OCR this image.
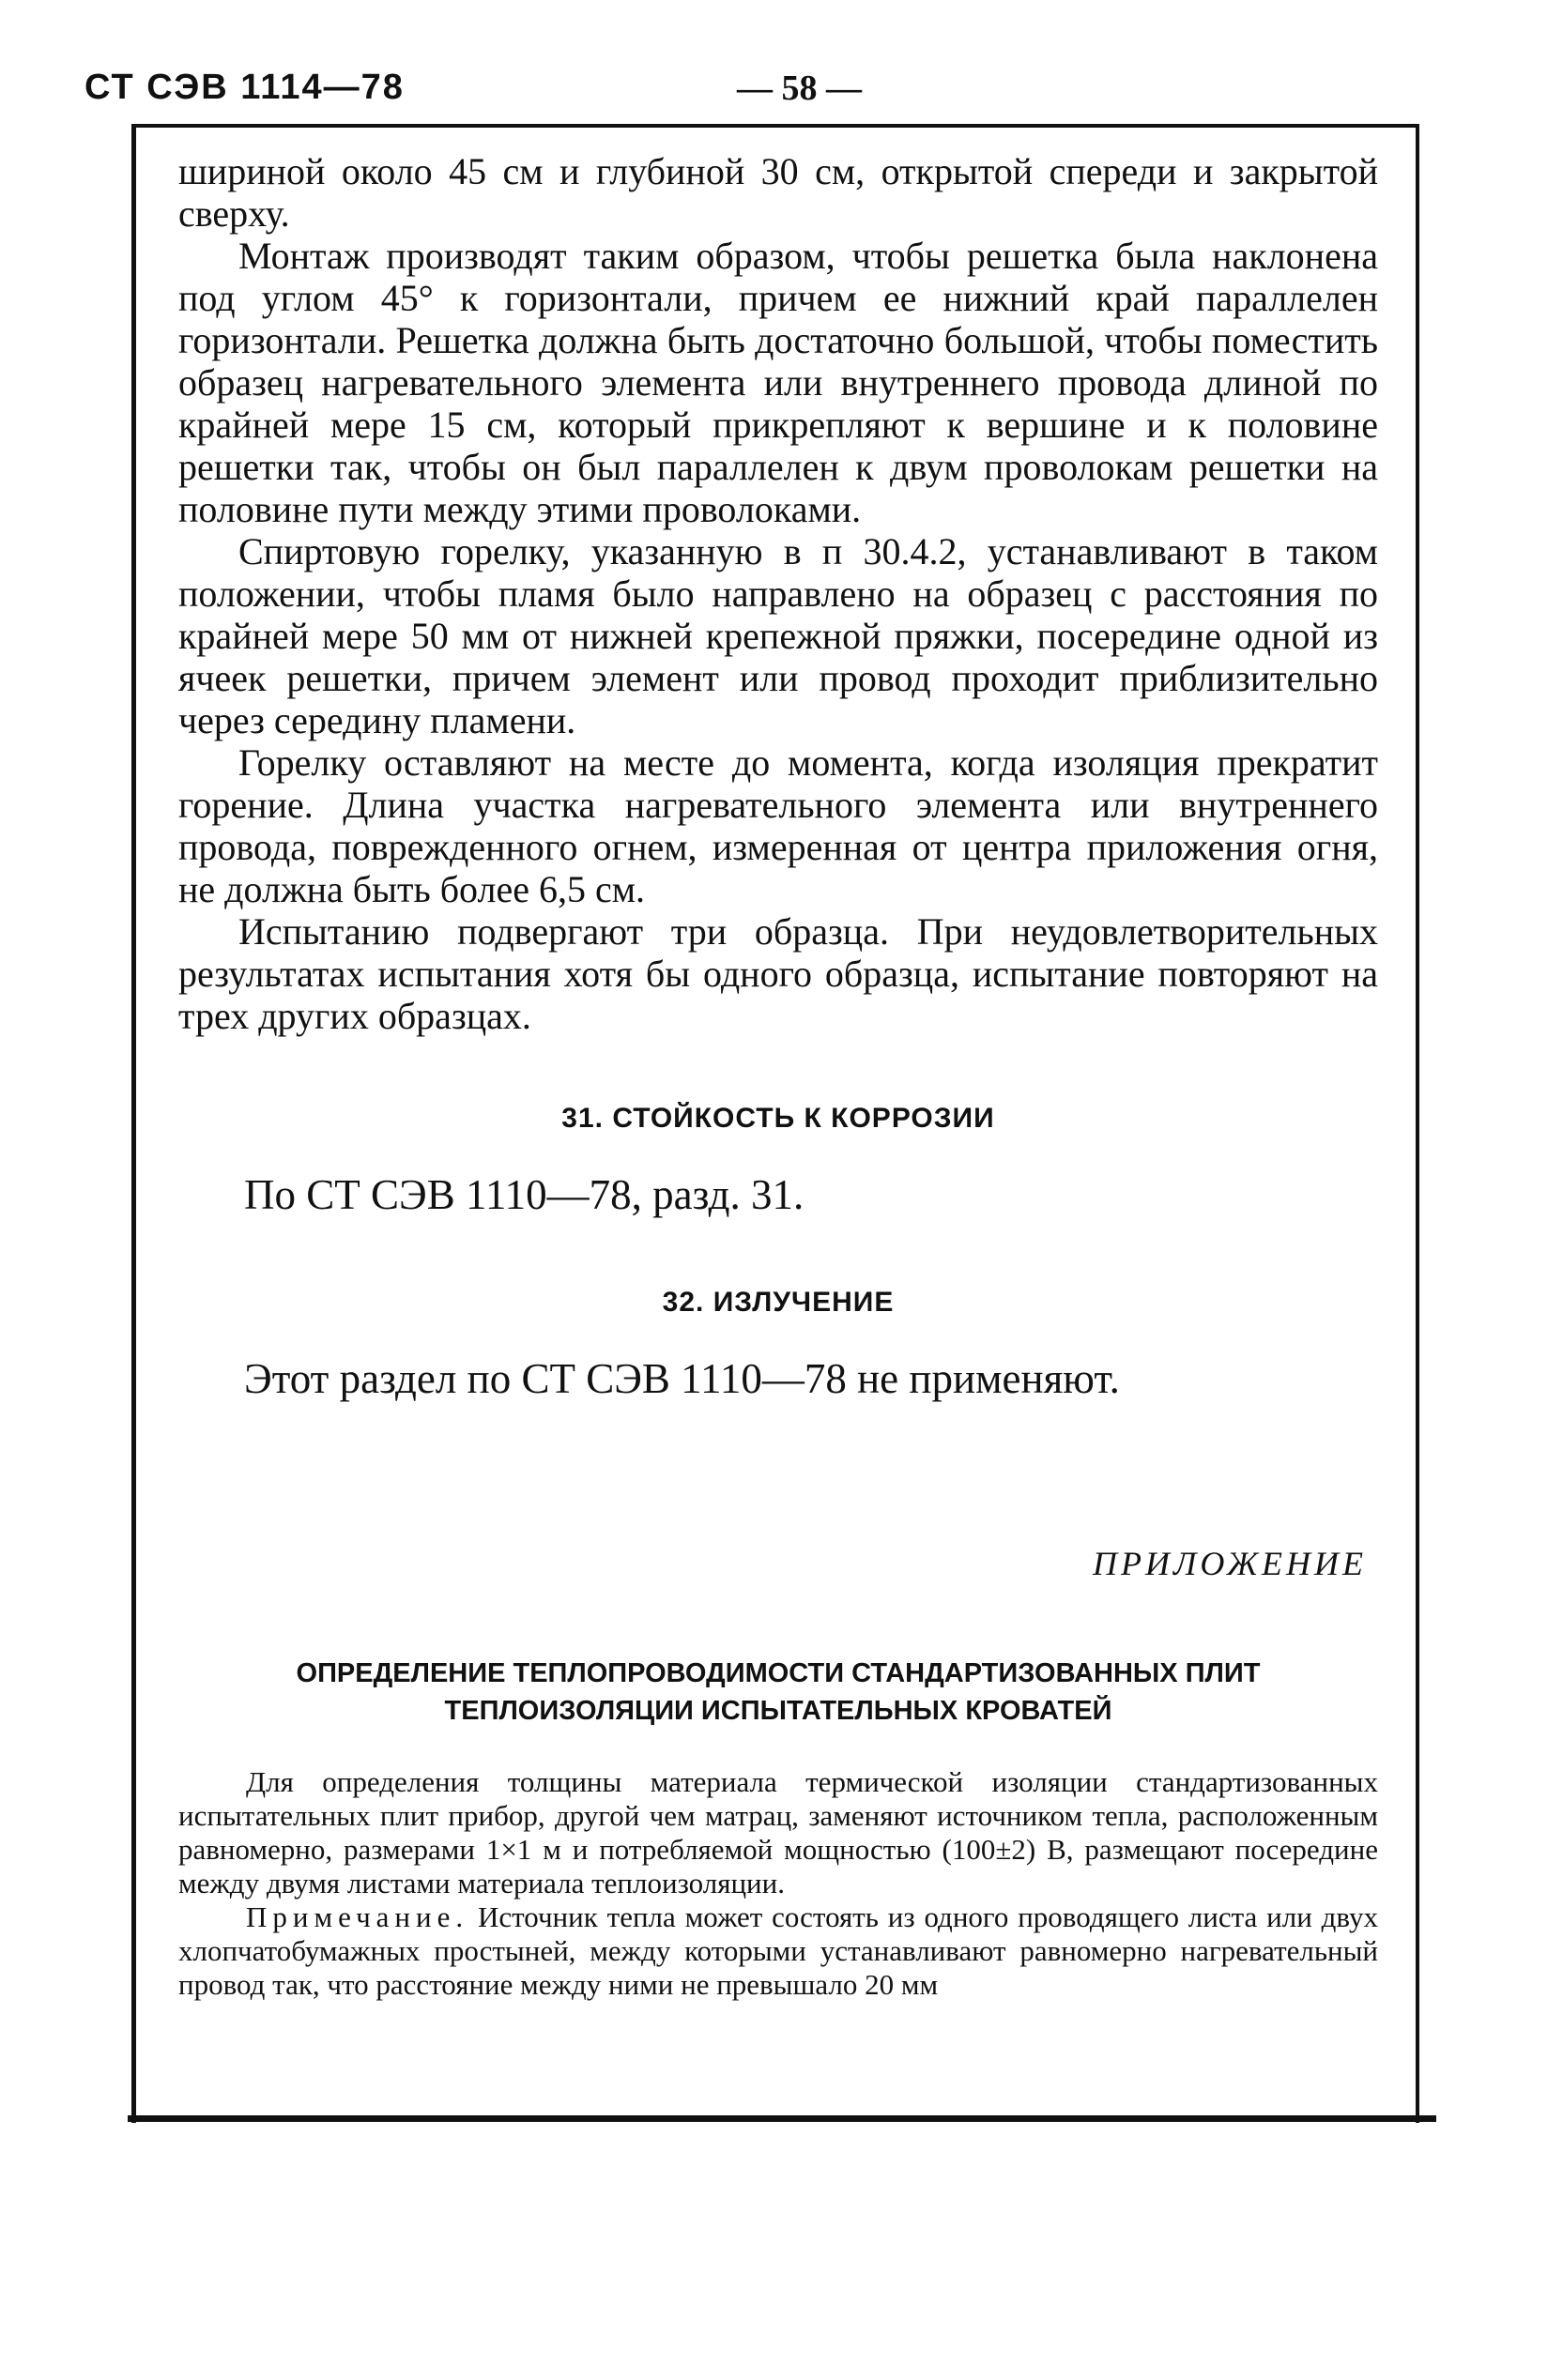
СТ СЭВ 1114—78	— 58 —

шириной около 45 см и глубиной 30 см, открытой спереди и закрытой сверху.

Монтаж производят таким образом, чтобы решетка была наклонена под углом 45° к горизонтали, причем ее нижний край параллелен горизонтали. Решетка должна быть достаточно большой, чтобы поместить образец нагревательного элемента или внутреннего провода длиной по крайней мере 15 см, который прикрепляют к вершине и к половине решетки так, чтобы он был параллелен к двум проволокам решетки на половине пути между этими проволоками.

Спиртовую горелку, указанную в п 30.4.2, устанавливают в таком положении, чтобы пламя было направлено на образец с расстояния по крайней мере 50 мм от нижней крепежной пряжки, посередине одной из ячеек решетки, причем элемент или провод проходит приблизительно через середину пламени.

Горелку оставляют на месте до момента, когда изоляция прекратит горение. Длина участка нагревательного элемента или внутреннего провода, поврежденного огнем, измеренная от центра приложения огня, не должна быть более 6,5 см.

Испытанию подвергают три образца. При неудовлетворительных результатах испытания хотя бы одного образца, испытание повторяют на трех других образцах.

31. СТОЙКОСТЬ К КОРРОЗИИ
По СТ СЭВ 1110—78, разд. 31.
32. ИЗЛУЧЕНИЕ
Этот раздел по СТ СЭВ 1110—78 не применяют.
ПРИЛОЖЕНИЕ
ОПРЕДЕЛЕНИЕ ТЕПЛОПРОВОДИМОСТИ СТАНДАРТИЗОВАННЫХ ПЛИТ
ТЕПЛОИЗОЛЯЦИИ ИСПЫТАТЕЛЬНЫХ КРОВАТЕЙ

Для определения толщины материала термической изоляции стандартизованных испытательных плит прибор, другой чем матрац, заменяют источником тепла, расположенным равномерно, размерами 1×1 м и потребляемой мощностью (100±2) В, размещают посередине между двумя листами материала теплоизоляции.

Примечание. Источник тепла может состоять из одного проводящего листа или двух хлопчатобумажных простыней, между которыми устанавливают равномерно нагревательный провод так, что расстояние между ними не превышало 20 мм
